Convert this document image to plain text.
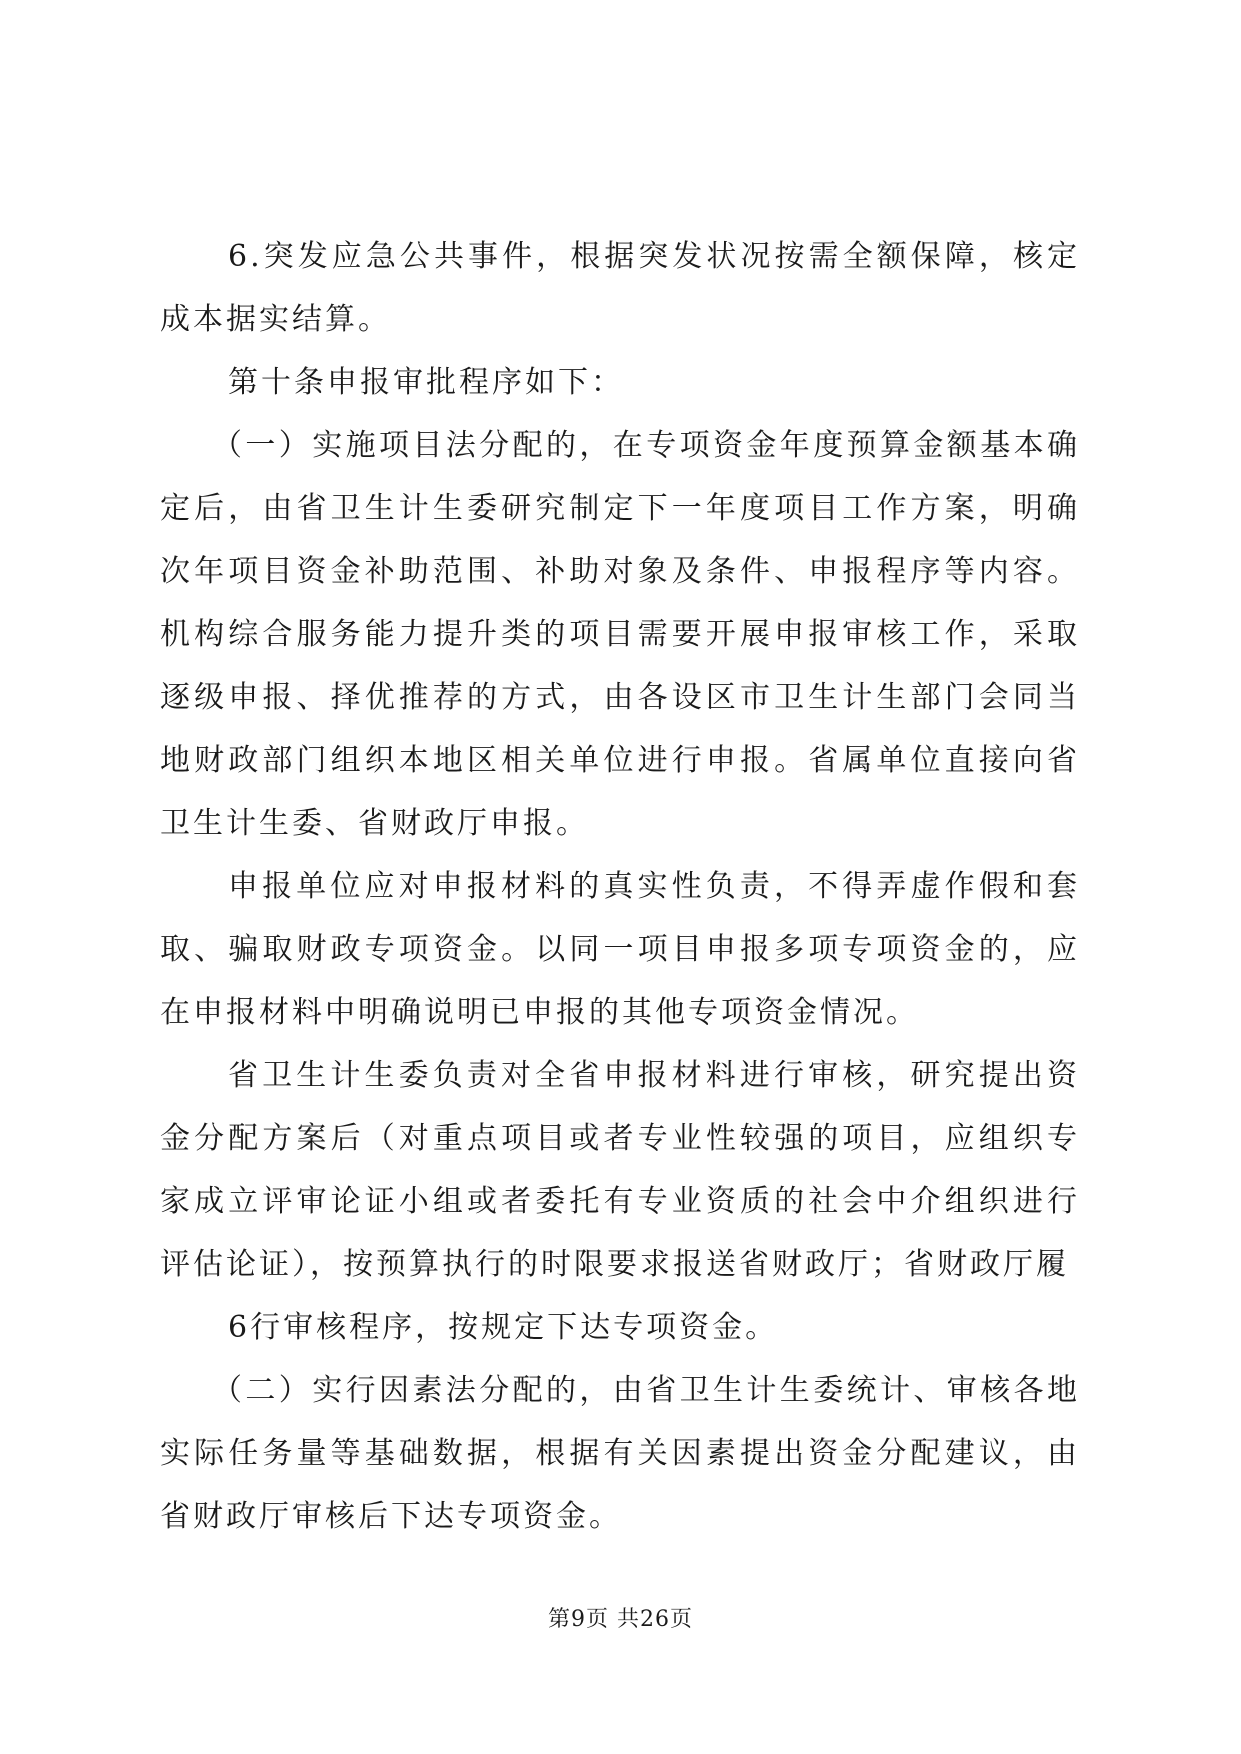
6.突发应急公共事件，根据突发状况按需全额保障，核定成本据实结算。

第十条申报审批程序如下：

（一）实施项目法分配的，在专项资金年度预算金额基本确定后，由省卫生计生委研究制定下一年度项目工作方案，明确次年项目资金补助范围、补助对象及条件、申报程序等内容。机构综合服务能力提升类的项目需要开展申报审核工作，采取逐级申报、择优推荐的方式，由各设区市卫生计生部门会同当地财政部门组织本地区相关单位进行申报。省属单位直接向省卫生计生委、省财政厅申报。

申报单位应对申报材料的真实性负责，不得弄虚作假和套取、骗取财政专项资金。以同一项目申报多项专项资金的，应在申报材料中明确说明已申报的其他专项资金情况。

省卫生计生委负责对全省申报材料进行审核，研究提出资金分配方案后（对重点项目或者专业性较强的项目，应组织专家成立评审论证小组或者委托有专业资质的社会中介组织进行评估论证），按预算执行的时限要求报送省财政厅；省财政厅履

6行审核程序，按规定下达专项资金。

（二）实行因素法分配的，由省卫生计生委统计、审核各地实际任务量等基础数据，根据有关因素提出资金分配建议，由省财政厅审核后下达专项资金。

第9页 共26页
